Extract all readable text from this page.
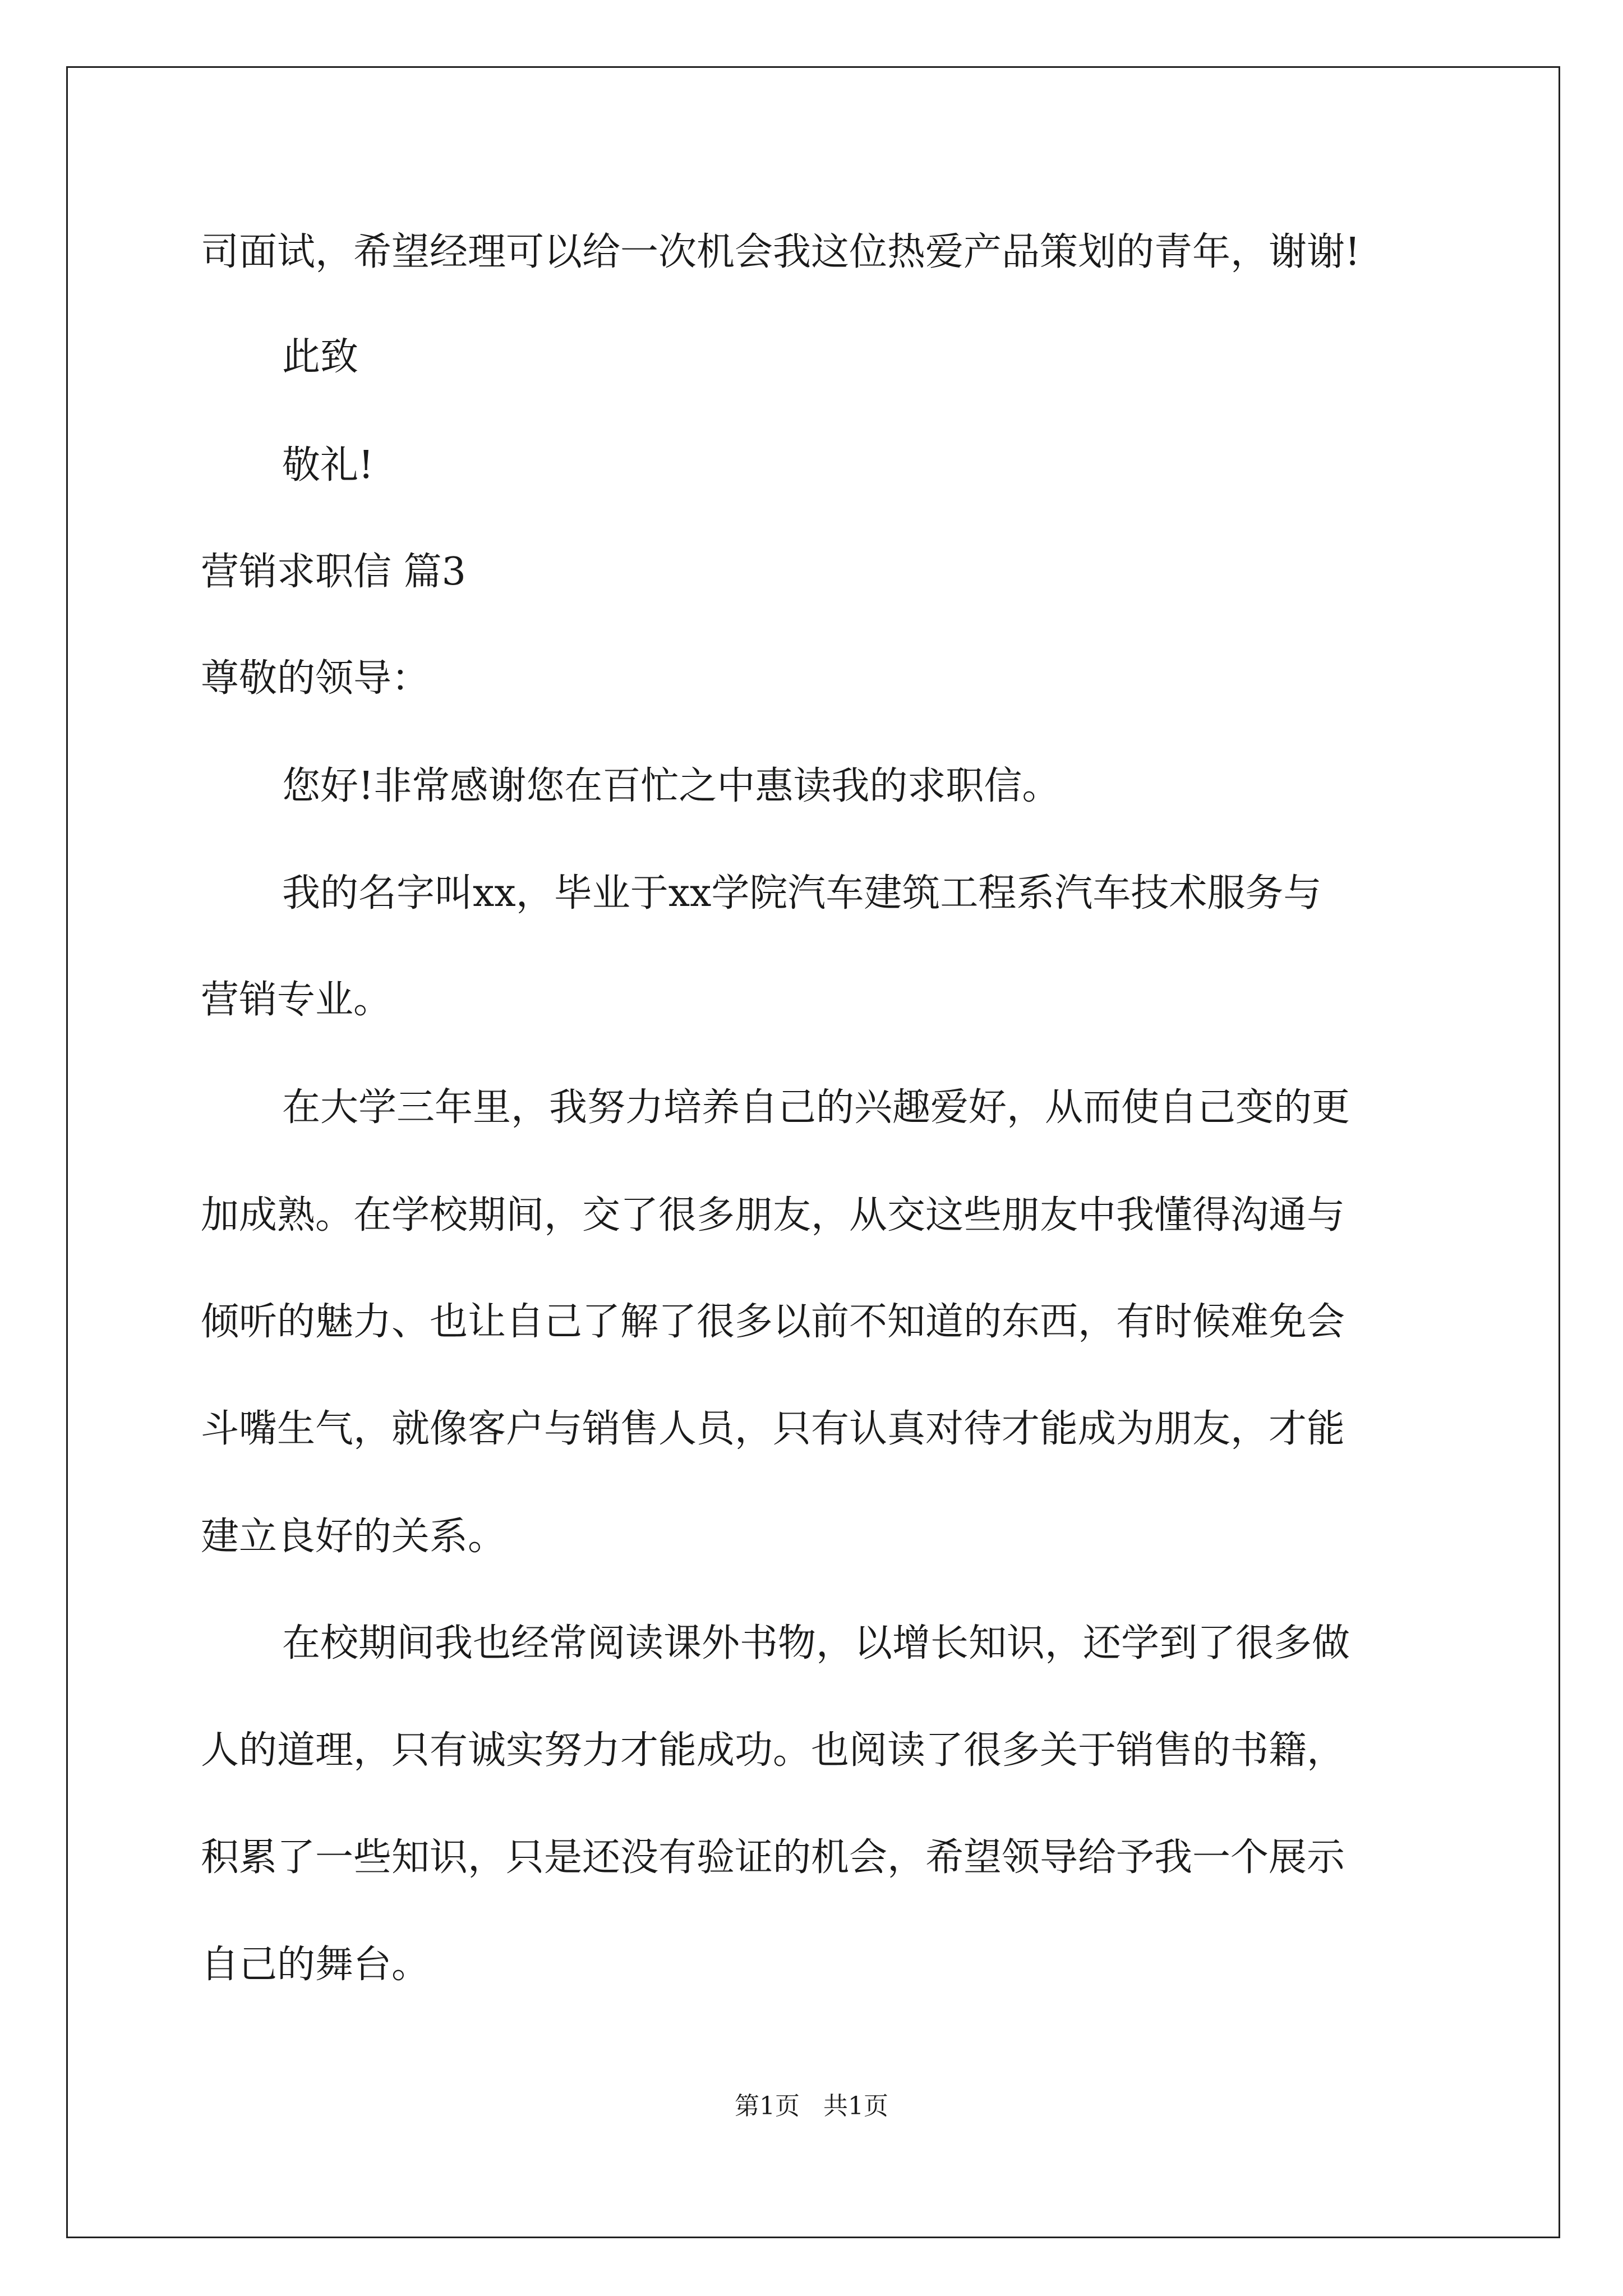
司面试，希望经理可以给一次机会我这位热爱产品策划的青年，谢谢!
此致
敬礼!
营销求职信 篇3
尊敬的领导：
您好!非常感谢您在百忙之中惠读我的求职信。
我的名字叫xx，毕业于xx学院汽车建筑工程系汽车技术服务与
营销专业。
在大学三年里，我努力培养自己的兴趣爱好，从而使自己变的更
加成熟。在学校期间，交了很多朋友，从交这些朋友中我懂得沟通与
倾听的魅力、也让自己了解了很多以前不知道的东西，有时候难免会
斗嘴生气，就像客户与销售人员，只有认真对待才能成为朋友，才能
建立良好的关系。
在校期间我也经常阅读课外书物，以增长知识，还学到了很多做
人的道理，只有诚实努力才能成功。也阅读了很多关于销售的书籍，
积累了一些知识，只是还没有验证的机会，希望领导给予我一个展示
自己的舞台。
第1页   共1页
